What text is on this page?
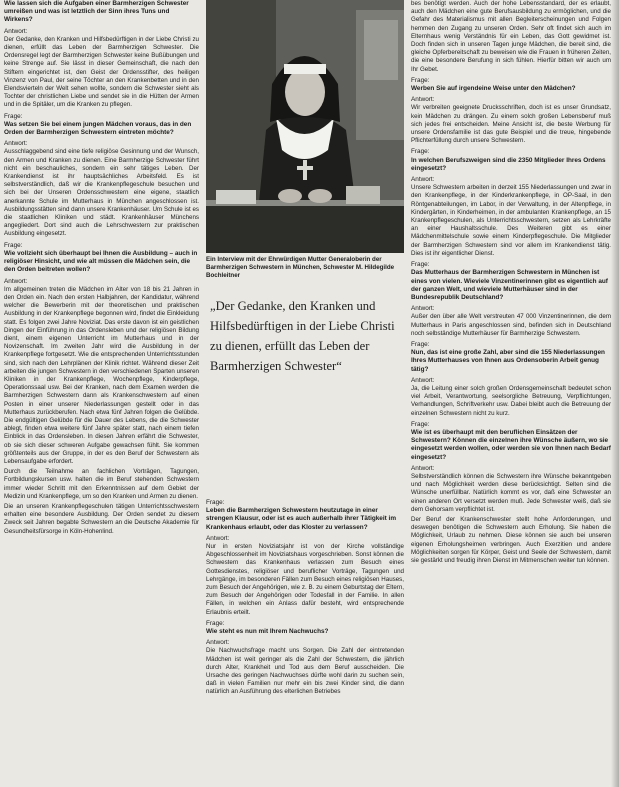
Wie lassen sich die Aufgaben einer Barmherzigen Schwester umreißen und was ist letztlich der Sinn ihres Tuns und Wirkens?
Antwort:
Der Gedanke, den Kranken und Hilfsbedürftigen in der Liebe Christi zu dienen, erfüllt das Leben der Barmherzigen Schwester. Die Ordensregel legt der Barmherzigen Schwester keine Bußübungen und keine Strenge auf. Sie lässt in dieser Gemeinschaft, die nach den Stiftern eingerichtet ist, den Geist der Ordensstifter, des heiligen Vinzenz von Paul, der seine Töchter an den Krankenbetten und in den Elendsvierteln der Welt sehen wollte, sondern die Schwester sieht als Tochter der christlichen Liebe und sendet sie in die Hütten der Armen und in die Spitäler, um die Kranken zu pflegen.
Frage:
Was setzen Sie bei einem jungen Mädchen voraus, das in den Orden der Barmherzigen Schwestern eintreten möchte?
Antwort:
Ausschlaggebend sind eine tiefe religiöse Gesinnung und der Wunsch, den Armen und Kranken zu dienen. Eine Barmherzige Schwester führt nicht ein beschauliches, sondern ein sehr tätiges Leben. Der Krankendienst ist ihr hauptsächliches Arbeitsfeld. Es ist selbstverständlich, daß wir die Krankenpflegeschule besuchen und sich bei der Unseren Ordensschwestern eine eigene, staatlich anerkannte Schule im Mutterhaus in München angeschlossen ist. Ausbildungsstätten sind dann unsere Krankenhäuser. Um Schule ist es die staatlichen Kliniken und städt. Krankenhäuser Münchens angegliedert. Dort sind auch die Lehrschwestern zur praktischen Ausbildung eingesetzt.
Frage:
Wie vollzieht sich überhaupt bei Ihnen die Ausbildung – auch in religiöser Hinsicht, und wie alt müssen die Mädchen sein, die den Orden beitreten wollen?
Antwort:
Im allgemeinen treten die Mädchen im Alter von 18 bis 21 Jahren in den Orden ein. Nach den ersten Halbjahren, der Kandidatur, während welcher die Bewerberin mit der theoretischen und praktischen Ausbildung in der Krankenpflege begonnen wird, findet die Einkleidung statt. Es folgen zwei Jahre Noviziat. Das erste davon ist ein geistlichen Dingen der Einführung in das Ordensleben und der religiösen Bildung dient, einem eigenen Unterricht im Mutterhaus und in der Novizenschaft. Im zweiten Jahr wird die Ausbildung in der Krankenpflege fortgesetzt. Wie die entsprechenden Unterrichtsstunden sind, sich nach den Lehrplänen der Klinik richtet. Während dieser Zeit arbeiten die jungen Schwestern in den verschiedenen Sparten unseren Kliniken in der Krankenpflege, Wochenpflege, Kinderpflege, Operationssaal usw. Bei der Kranken, nach dem Examen werden die Barmherzigen Schwestern dann als Krankenschwestern auf einen Posten in einer unserer Niederlassungen gestellt oder in das Mutterhaus zurückberufen. Nach etwa fünf Jahren folgen die Gelübde. Die endgültigen Gelübde für die Dauer des Lebens, die die Schwester ablegt, finden etwa weitere fünf Jahre später statt, nach einem tiefen Einblick in das Ordensleben. In diesen Jahren erfährt die Schwester, ob sie sich dieser schweren Aufgabe gewachsen fühlt. Sie kommen größtenteils aus der Gruppe, in der es den Beruf der Schwestern als Lebensaufgabe erfordert.
Durch die Teilnahme an fachlichen Vorträgen, Tagungen, Fortbildungskursen usw. halten die im Beruf stehenden Schwestern immer wieder Schritt mit den Erkenntnissen auf dem Gebiet der Medizin und Krankenpflege, um so den Kranken und Armen zu dienen.
Die an unseren Krankenpflegeschulen tätigen Unterrichtsschwestern erhalten eine besondere Ausbildung. Der Orden sendet zu diesem Zweck seit Jahren begabte Schwestern an die Deutsche Akademie für Gesundheitsfürsorge in Köln-Hohenlind.
Ein Interview mit der Ehrwürdigen Mutter Generaloberin der Barmherzigen Schwestern in München, Schwester M. Hildegilde Bochleitner
„Der Gedanke, den Kranken und Hilfsbedürftigen in der Liebe Christi zu dienen, erfüllt das Leben der Barmherzigen Schwester“
Frage:
Leben die Barmherzigen Schwestern heutzutage in einer strengen Klausur, oder ist es auch außerhalb ihrer Tätigkeit im Krankenhaus erlaubt, oder das Kloster zu verlassen?
Antwort:
Nur in ersten Noviziatsjahr ist von der Kirche vollständige Abgeschlossenheit im Noviziatshaus vorgeschrieben. Sonst können die Schwestern das Krankenhaus verlassen zum Besuch eines Gottesdienstes, religiöser und beruflicher Vorträge, Tagungen und Lehrgänge, im besonderen Fällen zum Besuch eines religiösen Hauses, zum Besuch der Angehörigen, wie z. B. zu einem Geburtstag der Eltern, zum Besuch der Angehörigen oder Todesfall in der Familie. In allen Fällen, in welchen ein Anlass dafür besteht, wird entsprechende Erlaubnis erteilt.
Frage:
Wie steht es nun mit Ihrem Nachwuchs?
Antwort:
Die Nachwuchsfrage macht uns Sorgen. Die Zahl der eintretenden Mädchen ist weit geringer als die Zahl der Schwestern, die jährlich durch Alter, Krankheit und Tod aus dem Beruf ausscheiden. Die Ursache des geringen Nachwuchses dürfte wohl darin zu suchen sein, daß in vielen Familien nur mehr ein bis zwei Kinder sind, die dann natürlich an Ausführung des elterlichen Betriebes
bes benötigt werden. Auch der hohe Lebensstandard, der es erlaubt, auch den Mädchen eine gute Berufsausbildung zu ermöglichen, und die Gefahr des Materialismus mit allen Begleiterscheinungen und Folgen hemmen den Zugang zu unseren Orden. Sehr oft findet sich auch im Elternhaus wenig Verständnis für ein Leben, das Gott gewidmet ist. Doch finden sich in unseren Tagen junge Mädchen, die bereit sind, die gleiche Opferbereitschaft zu beweisen wie die Frauen in früheren Zeiten, die eine besondere Berufung in sich fühlen. Hierfür bitten wir auch um Ihr Gebet.
Frage:
Werben Sie auf irgendeine Weise unter den Mädchen?
Antwort:
Wir verbreiten geeignete Drucksschriften, doch ist es unser Grundsatz, kein Mädchen zu drängen. Zu einem solch großen Lebensberuf muß sich jedes frei entscheiden. Meine Ansicht ist, die beste Werbung für unsere Ordensfamilie ist das gute Beispiel und die treue, hingebende Pflichterfüllung durch unsere Schwestern.
Frage:
In welchen Berufszweigen sind die 2350 Mitglieder Ihres Ordens eingesetzt?
Antwort:
Unsere Schwestern arbeiten in derzeit 155 Niederlassungen und zwar in den Krankenpflege, in der Kinderkrankenpflege, in OP-Saal, in den Röntgenabteilungen, im Labor, in der Verwaltung, in der Altenpflege, in Kindergärten, in Kinderheimen, in der ambulanten Krankenpflege, an 15 Krankenpflegeschulen, als Unterrichtsschwestern, setzen als Lehrkräfte an einer Haushaltsschule. Des Weiteren gibt es einer Mädchenmittelschule sowie einem Kinderpflegeschule. Die Mitglieder der Barmherzigen Schwestern sind vor allem im Krankendienst tätig. Dies ist ihr eigentlicher Dienst.
Frage:
Das Mutterhaus der Barmherzigen Schwestern in München ist eines von vielen. Wieviele Vinzentinerinnen gibt es eigentlich auf der ganzen Welt, und wieviele Mutterhäuser sind in der Bundesrepublik Deutschland?
Antwort:
Außer den über alle Welt verstreuten 47 000 Vinzentinerinnen, die dem Mutterhaus in Paris angeschlossen sind, befinden sich in Deutschland noch selbständige Mutterhäuser für Barmherzige Schwestern.
Frage:
Nun, das ist eine große Zahl, aber sind die 155 Niederlassungen Ihres Mutterhauses von Ihnen aus Ordensoberin Arbeit genug tätig?
Antwort:
Ja, die Leitung einer solch großen Ordensgemeinschaft bedeutet schon viel Arbeit, Verantwortung, seelsorgliche Betreuung, Verpflichtungen, Verhandlungen, Schriftverkehr usw. Dabei bleibt auch die Betreuung der einzelnen Schwestern nicht zu kurz.
Frage:
Wie ist es überhaupt mit den beruflichen Einsätzen der Schwestern? Können die einzelnen ihre Wünsche äußern, wo sie eingesetzt werden wollen, oder werden sie von Ihnen nach Bedarf eingesetzt?
Antwort:
Selbstverständlich können die Schwestern ihre Wünsche bekanntgeben und nach Möglichkeit werden diese berücksichtigt. Selten sind die Wünsche unerfüllbar. Natürlich kommt es vor, daß eine Schwester an einen anderen Ort versetzt werden muß. Jede Schwester weiß, daß sie dem Gehorsam verpflichtet ist.
Der Beruf der Krankenschwester stellt hohe Anforderungen, und deswegen benötigen die Schwestern auch Erholung. Sie haben die Möglichkeit, Urlaub zu nehmen. Diese können sie auch bei unseren eigenen Erholungsheimen verbringen. Auch Exerzitien und andere Möglichkeiten sorgen für Körper, Geist und Seele der Schwestern, damit sie gestärkt und freudig ihren Dienst im Mitmenschen weiter tun können.
